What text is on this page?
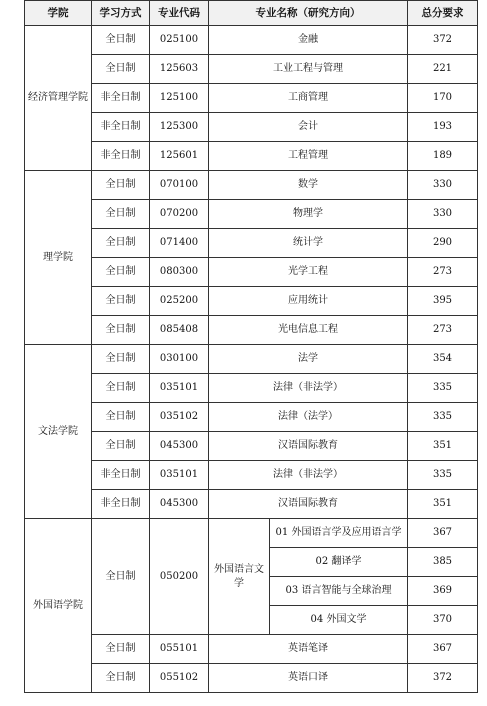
学院	学习方式	专业代码	专业名称（研究方向）		总分要求
经济管理学院	全日制	025100	金融		372
	全日制	125603	工业工程与管理		221
	非全日制	125100	工商管理		170
	非全日制	125300	会计		193
	非全日制	125601	工程管理		189
理学院	全日制	070100	数学		330
	全日制	070200	物理学		330
	全日制	071400	统计学		290
	全日制	080300	光学工程		273
	全日制	025200	应用统计		395
	全日制	085408	光电信息工程		273
文法学院	全日制	030100	法学		354
	全日制	035101	法律（非法学）		335
	全日制	035102	法律（法学）		335
	全日制	045300	汉语国际教育		351
	非全日制	035101	法律（非法学）		335
	非全日制	045300	汉语国际教育		351
外国语学院	全日制	050200	外国语言文学	01 外国语言学及应用语言学	367
				02 翻译学	385
				03 语言智能与全球治理	369
				04 外国文学	370
	全日制	055101	英语笔译		367
	全日制	055102	英语口译		372
